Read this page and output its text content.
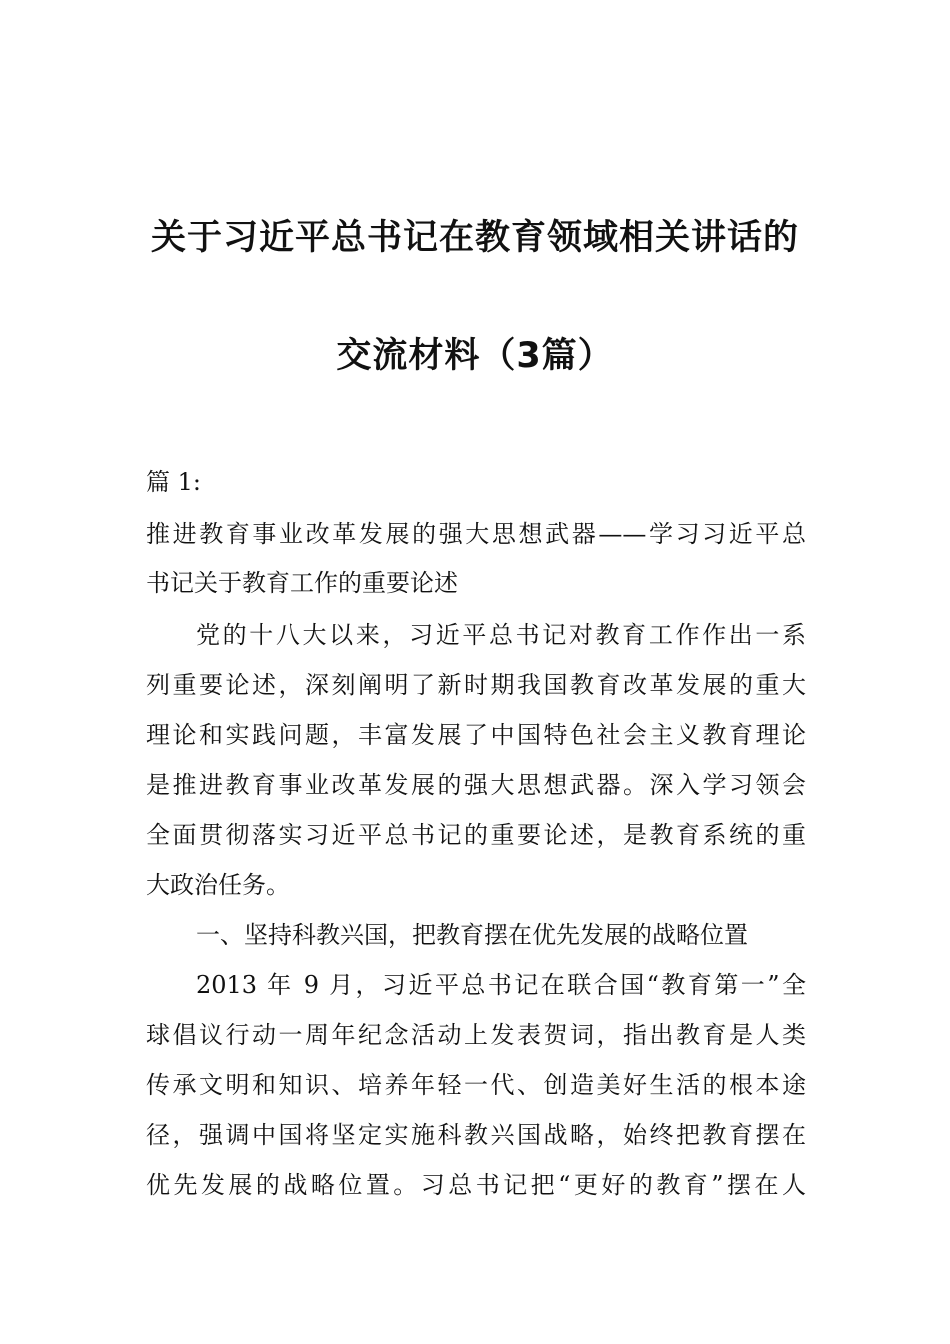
关于习近平总书记在教育领域相关讲话的
交流材料（3篇）
篇 1:
推进教育事业改革发展的强大思想武器——学习习近平总
书记关于教育工作的重要论述
党的十八大以来，习近平总书记对教育工作作出一系
列重要论述，深刻阐明了新时期我国教育改革发展的重大
理论和实践问题，丰富发展了中国特色社会主义教育理论
是推进教育事业改革发展的强大思想武器。深入学习领会
全面贯彻落实习近平总书记的重要论述，是教育系统的重
大政治任务。
一、坚持科教兴国，把教育摆在优先发展的战略位置
2013 年 9 月，习近平总书记在联合国“教育第一”全
球倡议行动一周年纪念活动上发表贺词，指出教育是人类
传承文明和知识、培养年轻一代、创造美好生活的根本途
径，强调中国将坚定实施科教兴国战略，始终把教育摆在
优先发展的战略位置。习总书记把“更好的教育”摆在人
